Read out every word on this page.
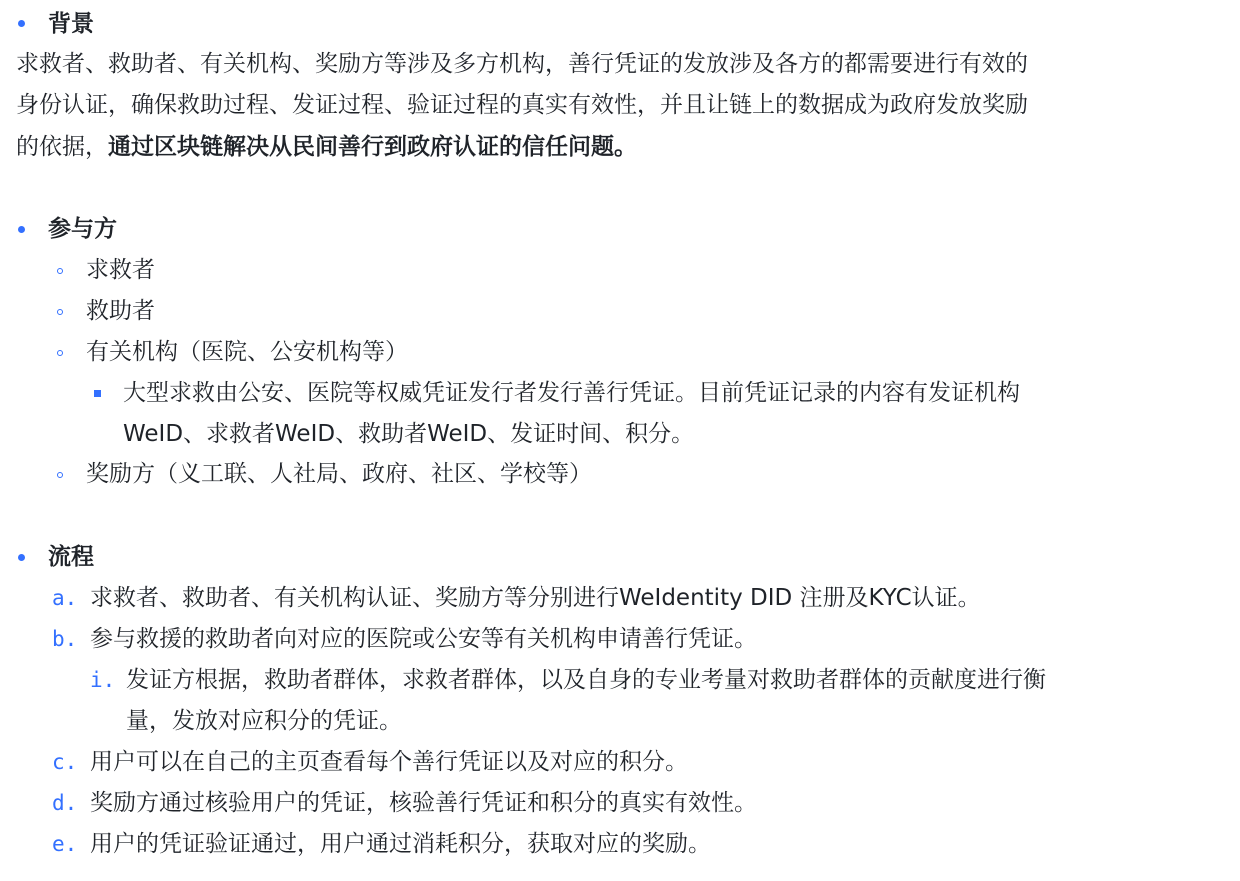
背景
求救者、救助者、有关机构、奖励方等涉及多方机构，善行凭证的发放涉及各方的都需要进行有效的
身份认证，确保救助过程、发证过程、验证过程的真实有效性，并且让链上的数据成为政府发放奖励
的依据，通过区块链解决从民间善行到政府认证的信任问题。
参与方
求救者
救助者
有关机构（医院、公安机构等）
大型求救由公安、医院等权威凭证发行者发行善行凭证。目前凭证记录的内容有发证机构
WeID、求救者WeID、救助者WeID、发证时间、积分。
奖励方（义工联、人社局、政府、社区、学校等）
流程
a. 求救者、救助者、有关机构认证、奖励方等分别进行WeIdentity DID 注册及KYC认证。
b. 参与救援的救助者向对应的医院或公安等有关机构申请善行凭证。
i. 发证方根据，救助者群体，求救者群体，以及自身的专业考量对救助者群体的贡献度进行衡
量，发放对应积分的凭证。
c. 用户可以在自己的主页查看每个善行凭证以及对应的积分。
d. 奖励方通过核验用户的凭证，核验善行凭证和积分的真实有效性。
e. 用户的凭证验证通过，用户通过消耗积分，获取对应的奖励。
